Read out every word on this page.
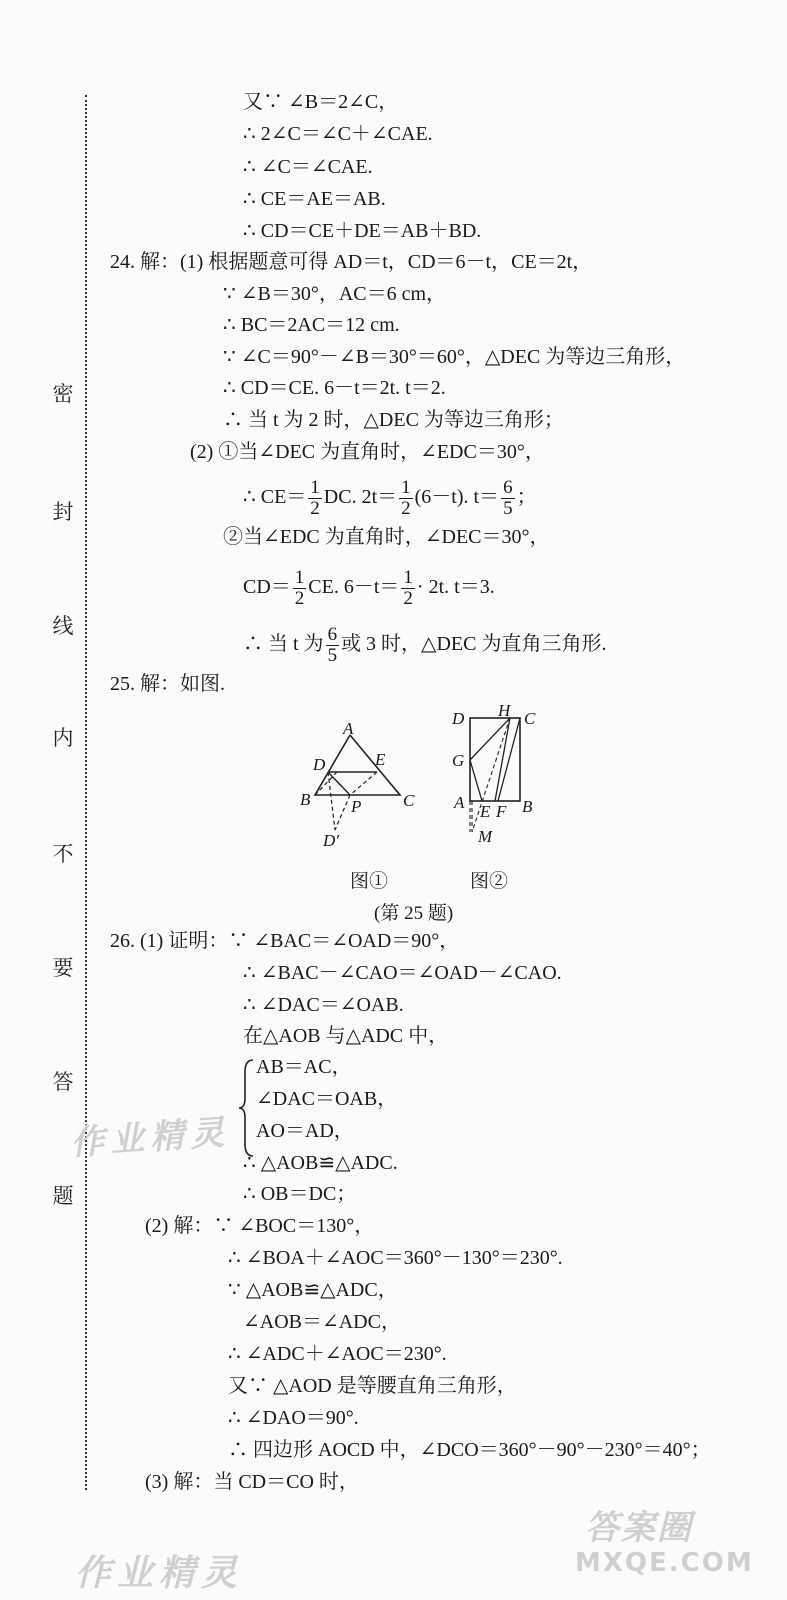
密
封
线
内
不
要
答
题
又∵ ∠B＝2∠C，
∴ 2∠C＝∠C＋∠CAE.
∴ ∠C＝∠CAE.
∴ CE＝AE＝AB.
∴ CD＝CE＋DE＝AB＋BD.
24. 解：(1) 根据题意可得 AD＝t，CD＝6－t，CE＝2t，
∵ ∠B＝30°，AC＝6 cm，
∴ BC＝2AC＝12 cm.
∵ ∠C＝90°－∠B＝30°＝60°，△DEC 为等边三角形，
∴ CD＝CE. 6－t＝2t. t＝2.
∴ 当 t 为 2 时，△DEC 为等边三角形；
(2) ①当∠DEC 为直角时，∠EDC＝30°，
∴ $CE= \frac{1}{2}$ DC. $2t= \frac{1}{2} (6-t)$. $t= \frac{6}{5}$ ；
②当∠EDC 为直角时，∠DEC＝30°，
$CD= \frac{1}{2}$ CE. $6-t= \frac{1}{2} \cdot 2t$. t＝3.
∴ 当 t 为 $\frac{6}{5}$ 或 3 时，△DEC 为直角三角形.
25. 解：如图.
A
D	E
B P C
D′
D H C
G
A E F B
M
图①	图②
(第 25 题)
26. (1) 证明：∵ ∠BAC＝∠OAD＝90°，
∴ ∠BAC－∠CAO＝∠OAD－∠CAO.
∴ ∠DAC＝∠OAB.
在△AOB 与△ADC 中，
AB＝AC，
∠DAC＝OAB，
AO＝AD，
∴ △AOB≌△ADC.
∴ OB＝DC；
(2) 解：∵ ∠BOC＝130°，
∴ ∠BOA＋∠AOC＝360°－130°＝230°.
∵ △AOB≌△ADC，
∠AOB＝∠ADC，
∴ ∠ADC＋∠AOC＝230°.
又∵ △AOD 是等腰直角三角形，
∴ ∠DAO＝90°.
∴ 四边形 AOCD 中，∠DCO＝360°－90°－230°＝40°；
(3) 解：当 CD＝CO 时，
作业精灵
作业精灵
答案圈
MXQE.COM
